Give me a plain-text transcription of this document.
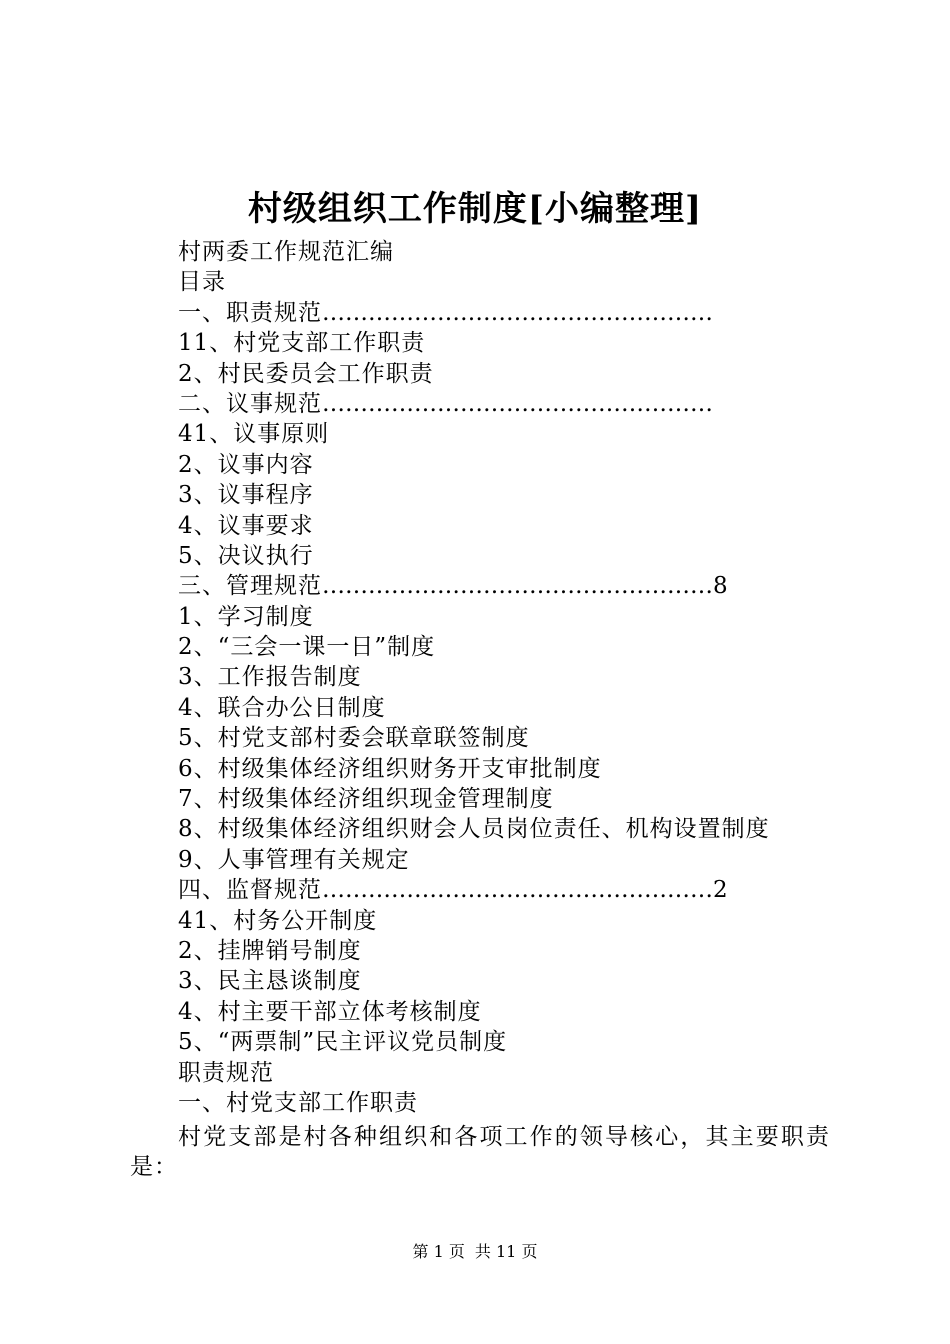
村级组织工作制度[小编整理]
村两委工作规范汇编
目录
一、职责规范……………………………………………
11、村党支部工作职责
2、村民委员会工作职责
二、议事规范……………………………………………
41、议事原则
2、议事内容
3、议事程序
4、议事要求
5、决议执行
三、管理规范……………………………………………8
1、学习制度
2、“三会一课一日”制度
3、工作报告制度
4、联合办公日制度
5、村党支部村委会联章联签制度
6、村级集体经济组织财务开支审批制度
7、村级集体经济组织现金管理制度
8、村级集体经济组织财会人员岗位责任、机构设置制度
9、人事管理有关规定
四、监督规范……………………………………………2
41、村务公开制度
2、挂牌销号制度
3、民主恳谈制度
4、村主要干部立体考核制度
5、“两票制”民主评议党员制度
职责规范
一、村党支部工作职责

村党支部是村各种组织和各项工作的领导核心，其主要职责是：

第 1 页 共 11 页
